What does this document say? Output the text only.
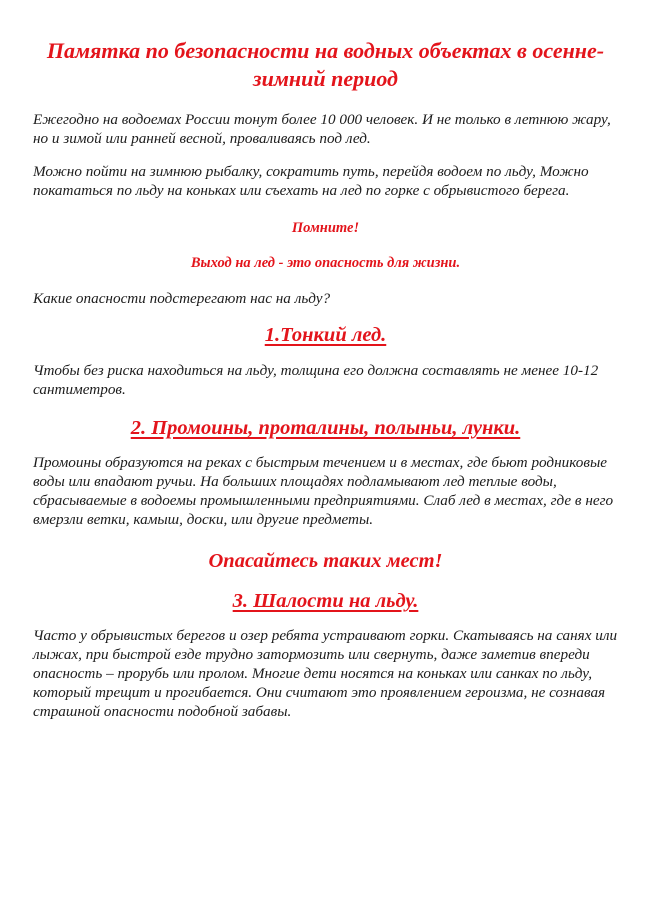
Памятка по безопасности на водных объектах в осенне-зимний период

Ежегодно на водоемах России тонут более 10 000 человек. И не только в летнюю жару, но и зимой или ранней весной, проваливаясь под лед.

Можно пойти на зимнюю рыбалку, сократить путь, перейдя водоем по льду, Можно покататься по льду на коньках или съехать на лед по горке с обрывистого берега.

Помните!

Выход на лед - это опасность для жизни.

Какие опасности подстерегают нас на льду?

1.Тонкий лед.

Чтобы без риска находиться на льду, толщина его должна составлять не менее 10-12 сантиметров.

2. Промоины, проталины, полыньи, лунки.

Промоины образуются на реках с быстрым течением и в местах, где бьют родниковые воды или впадают ручьи. На больших площадях подламывают лед теплые воды, сбрасываемые в водоемы промышленными предприятиями. Слаб лед в местах, где в него вмерзли ветки, камыш, доски, или другие предметы.

Опасайтесь таких мест!
3. Шалости на льду.

Часто у обрывистых берегов и озер ребята устраивают горки. Скатываясь на санях или лыжах, при быстрой езде трудно затормозить или свернуть, даже заметив впереди опасность – прорубь или пролом. Многие дети носятся на коньках или санках по льду, который трещит и прогибается. Они считают это проявлением героизма, не сознавая страшной опасности подобной забавы.
